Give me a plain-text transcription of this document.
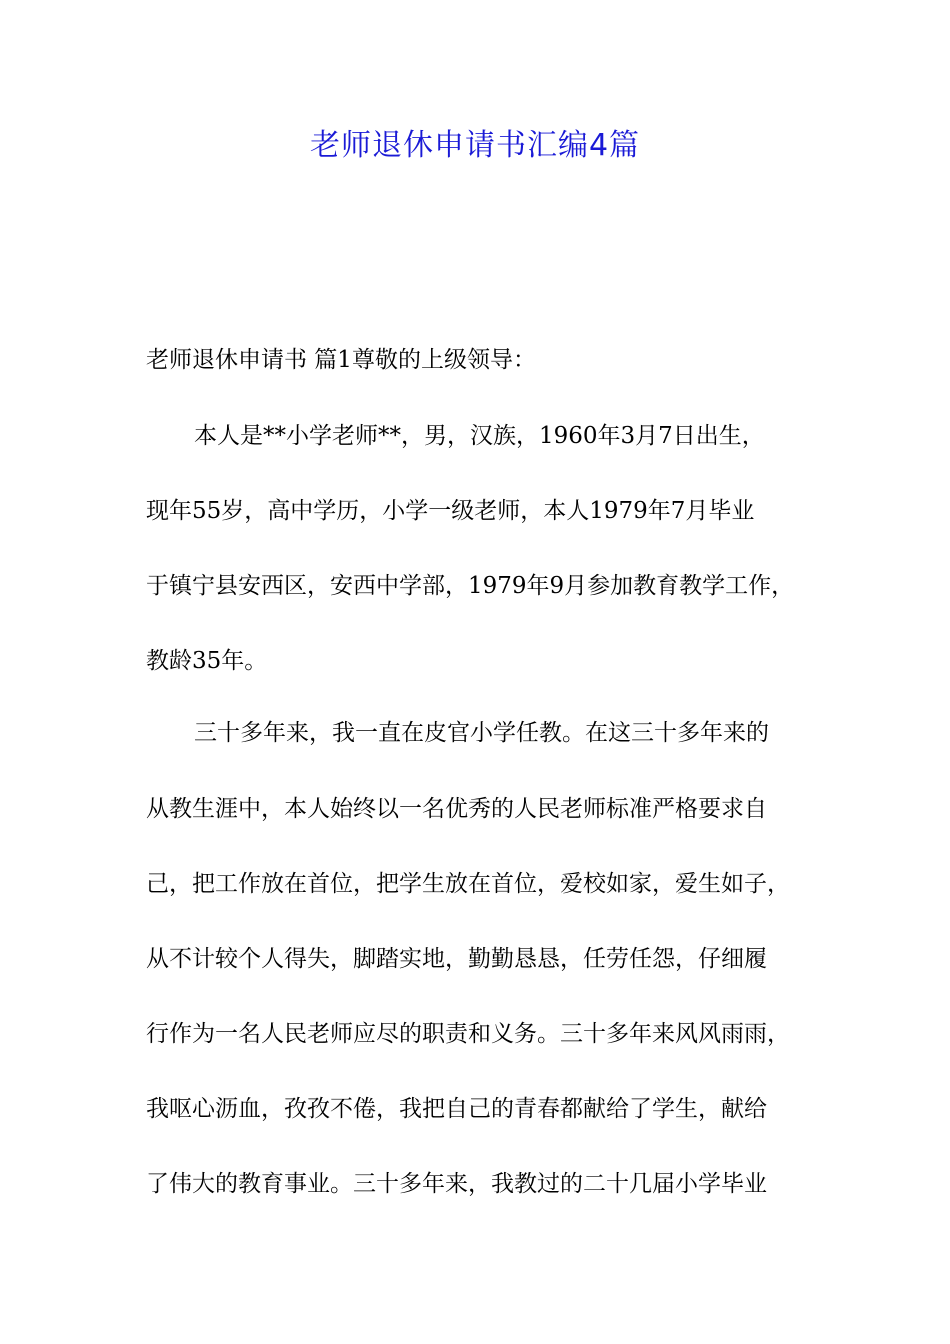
老师退休申请书汇编4篇

老师退休申请书 篇1尊敬的上级领导：

本人是**小学老师**，男，汉族，1960年3月7日出生，

现年55岁，高中学历，小学一级老师，本人1979年7月毕业

于镇宁县安西区，安西中学部，1979年9月参加教育教学工作，

教龄35年。

三十多年来，我一直在皮官小学任教。在这三十多年来的

从教生涯中，本人始终以一名优秀的人民老师标准严格要求自

己，把工作放在首位，把学生放在首位，爱校如家，爱生如子，

从不计较个人得失，脚踏实地，勤勤恳恳，任劳任怨，仔细履

行作为一名人民老师应尽的职责和义务。三十多年来风风雨雨，

我呕心沥血，孜孜不倦，我把自己的青春都献给了学生，献给

了伟大的教育事业。三十多年来，我教过的二十几届小学毕业
